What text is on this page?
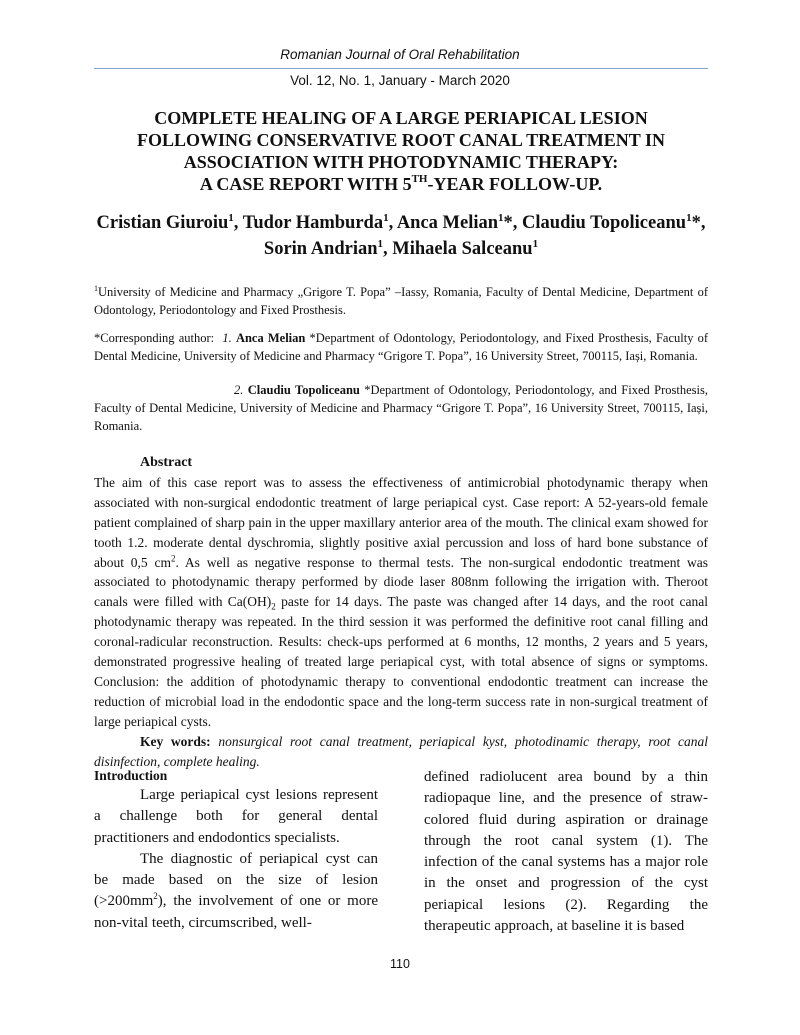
Romanian Journal of Oral Rehabilitation
Vol. 12, No. 1, January - March 2020
COMPLETE HEALING OF A LARGE PERIAPICAL LESION
FOLLOWING CONSERVATIVE ROOT CANAL TREATMENT IN
ASSOCIATION WITH PHOTODYNAMIC THERAPY:
A CASE REPORT WITH 5TH-YEAR FOLLOW-UP.
Cristian Giuroiu$^1$, Tudor Hamburda$^1$, Anca Melian$^1$*, Claudiu Topoliceanu$^1$*,
Sorin Andrian$^1$, Mihaela Salceanu$^1$
$^1$University of Medicine and Pharmacy „Grigore T. Popa” –Iassy, Romania, Faculty of Dental Medicine, Department of Odontology, Periodontology and Fixed Prosthesis.
*Corresponding author: 1. Anca Melian *Department of Odontology, Periodontology, and Fixed Prosthesis, Faculty of Dental Medicine, University of Medicine and Pharmacy “Grigore T. Popa”, 16 University Street, 700115, Iași, Romania.
2. Claudiu Topoliceanu *Department of Odontology, Periodontology, and Fixed Prosthesis, Faculty of Dental Medicine, University of Medicine and Pharmacy “Grigore T. Popa”, 16 University Street, 700115, Iași, Romania.
Abstract
The aim of this case report was to assess the effectiveness of antimicrobial photodynamic therapy when associated with non-surgical endodontic treatment of large periapical cyst. Case report: A 52-years-old female patient complained of sharp pain in the upper maxillary anterior area of the mouth. The clinical exam showed for tooth 1.2. moderate dental dyschromia, slightly positive axial percussion and loss of hard bone substance of about 0,5 $cm^2$. As well as negative response to thermal tests. The non-surgical endodontic treatment was associated to photodynamic therapy performed by diode laser 808nm following the irrigation with. Theroot canals were filled with $Ca(OH)_2$ paste for 14 days. The paste was changed after 14 days, and the root canal photodynamic therapy was repeated. In the third session it was performed the definitive root canal filling and coronal-radicular reconstruction. Results: check-ups performed at 6 months, 12 months, 2 years and 5 years, demonstrated progressive healing of treated large periapical cyst, with total absence of signs or symptoms. Conclusion: the addition of photodynamic therapy to conventional endodontic treatment can increase the reduction of microbial load in the endodontic space and the long-term success rate in non-surgical treatment of large periapical cysts.
Key words: nonsurgical root canal treatment, periapical kyst, photodinamic therapy, root canal disinfection, complete healing.
Introduction

Large periapical cyst lesions represent a challenge both for general dental practitioners and endodontics specialists.

The diagnostic of periapical cyst can be made based on the size of lesion $(>200mm^2)$, the involvement of one or more non-vital teeth, circumscribed, well-

defined radiolucent area bound by a thin radiopaque line, and the presence of straw-colored fluid during aspiration or drainage through the root canal system (1). The infection of the canal systems has a major role in the onset and progression of the cyst periapical lesions (2). Regarding the therapeutic approach, at baseline it is based

110
